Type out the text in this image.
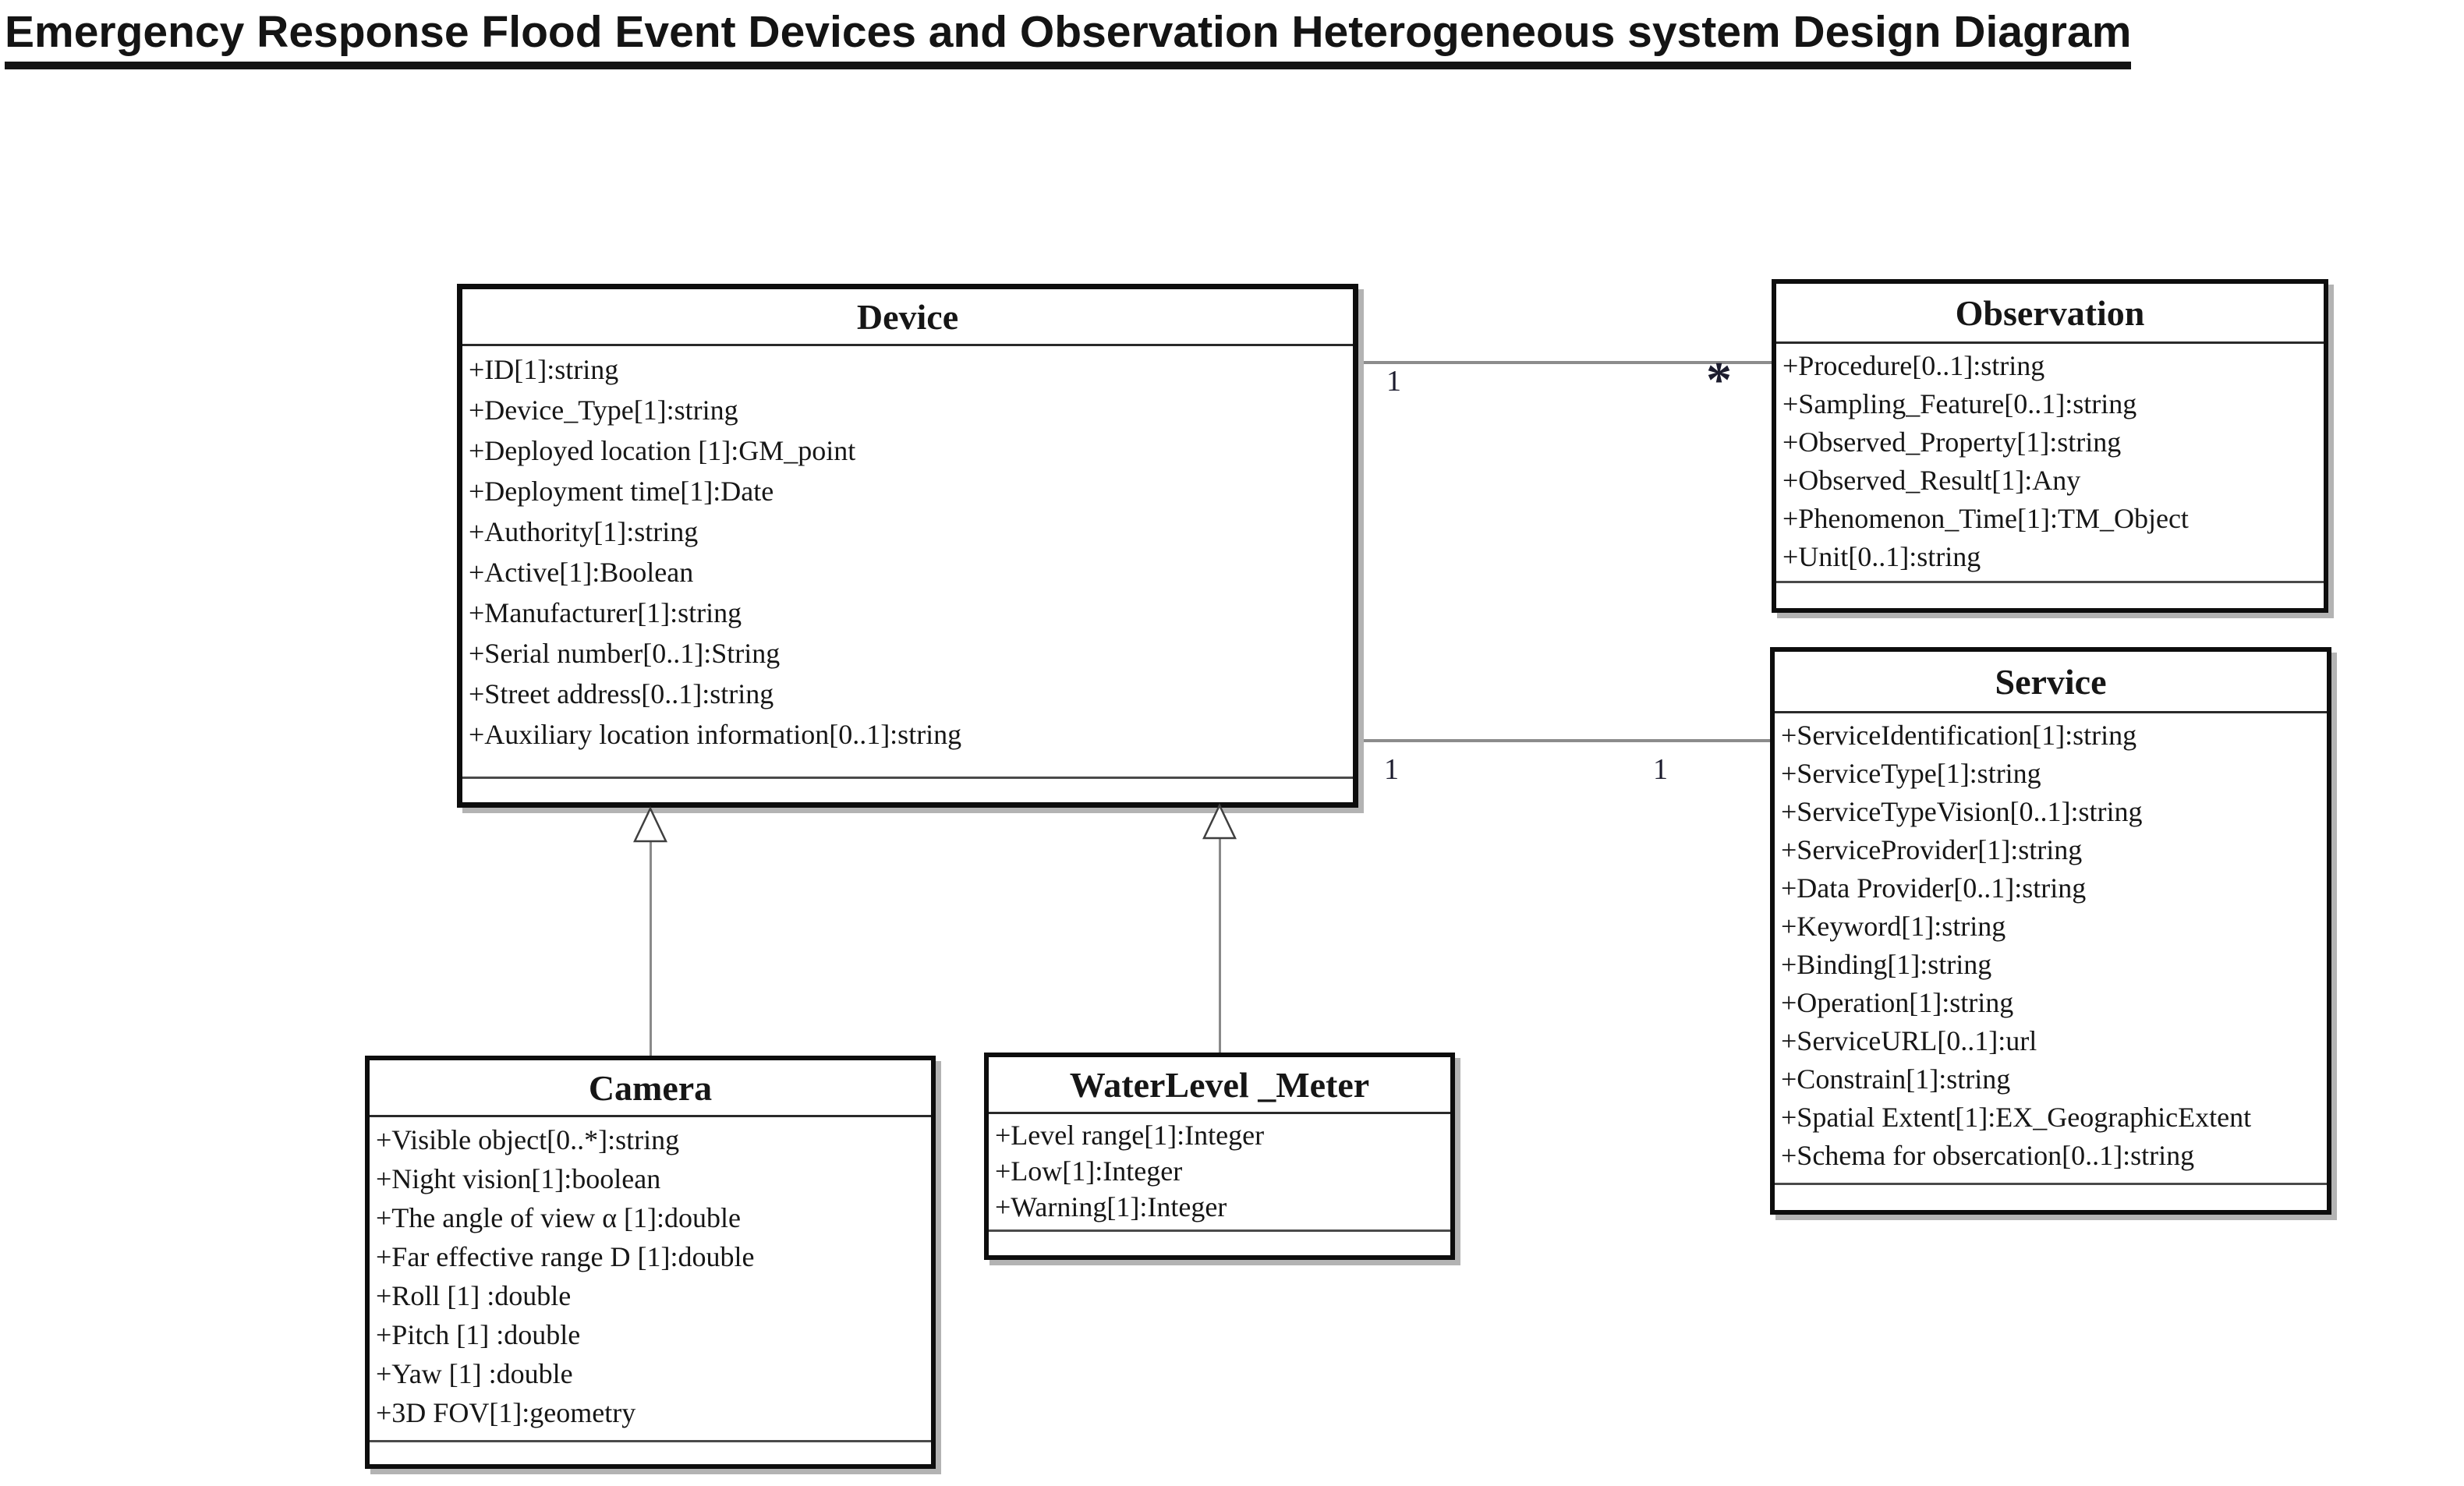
Emergency Response Flood Event Devices and Observation Heterogeneous system Design Diagram
Device
+ID[1]:string
+Device_Type[1]:string
+Deployed location [1]:GM_point
+Deployment time[1]:Date
+Authority[1]:string
+Active[1]:Boolean
+Manufacturer[1]:string
+Serial number[0..1]:String
+Street address[0..1]:string
+Auxiliary location information[0..1]:string
Observation
+Procedure[0..1]:string
+Sampling_Feature[0..1]:string
+Observed_Property[1]:string
+Observed_Result[1]:Any
+Phenomenon_Time[1]:TM_Object
+Unit[0..1]:string
Service
+ServiceIdentification[1]:string
+ServiceType[1]:string
+ServiceTypeVision[0..1]:string
+ServiceProvider[1]:string
+Data Provider[0..1]:string
+Keyword[1]:string
+Binding[1]:string
+Operation[1]:string
+ServiceURL[0..1]:url
+Constrain[1]:string
+Spatial Extent[1]:EX_GeographicExtent
+Schema for obsercation[0..1]:string
Camera
+Visible object[0..*]:string
+Night vision[1]:boolean
+The angle of view α [1]:double
+Far effective range D [1]:double
+Roll [1] :double
+Pitch [1] :double
+Yaw [1] :double
+3D FOV[1]:geometry
WaterLevel _Meter
+Level range[1]:Integer
+Low[1]:Integer
+Warning[1]:Integer
1	*
1	1
